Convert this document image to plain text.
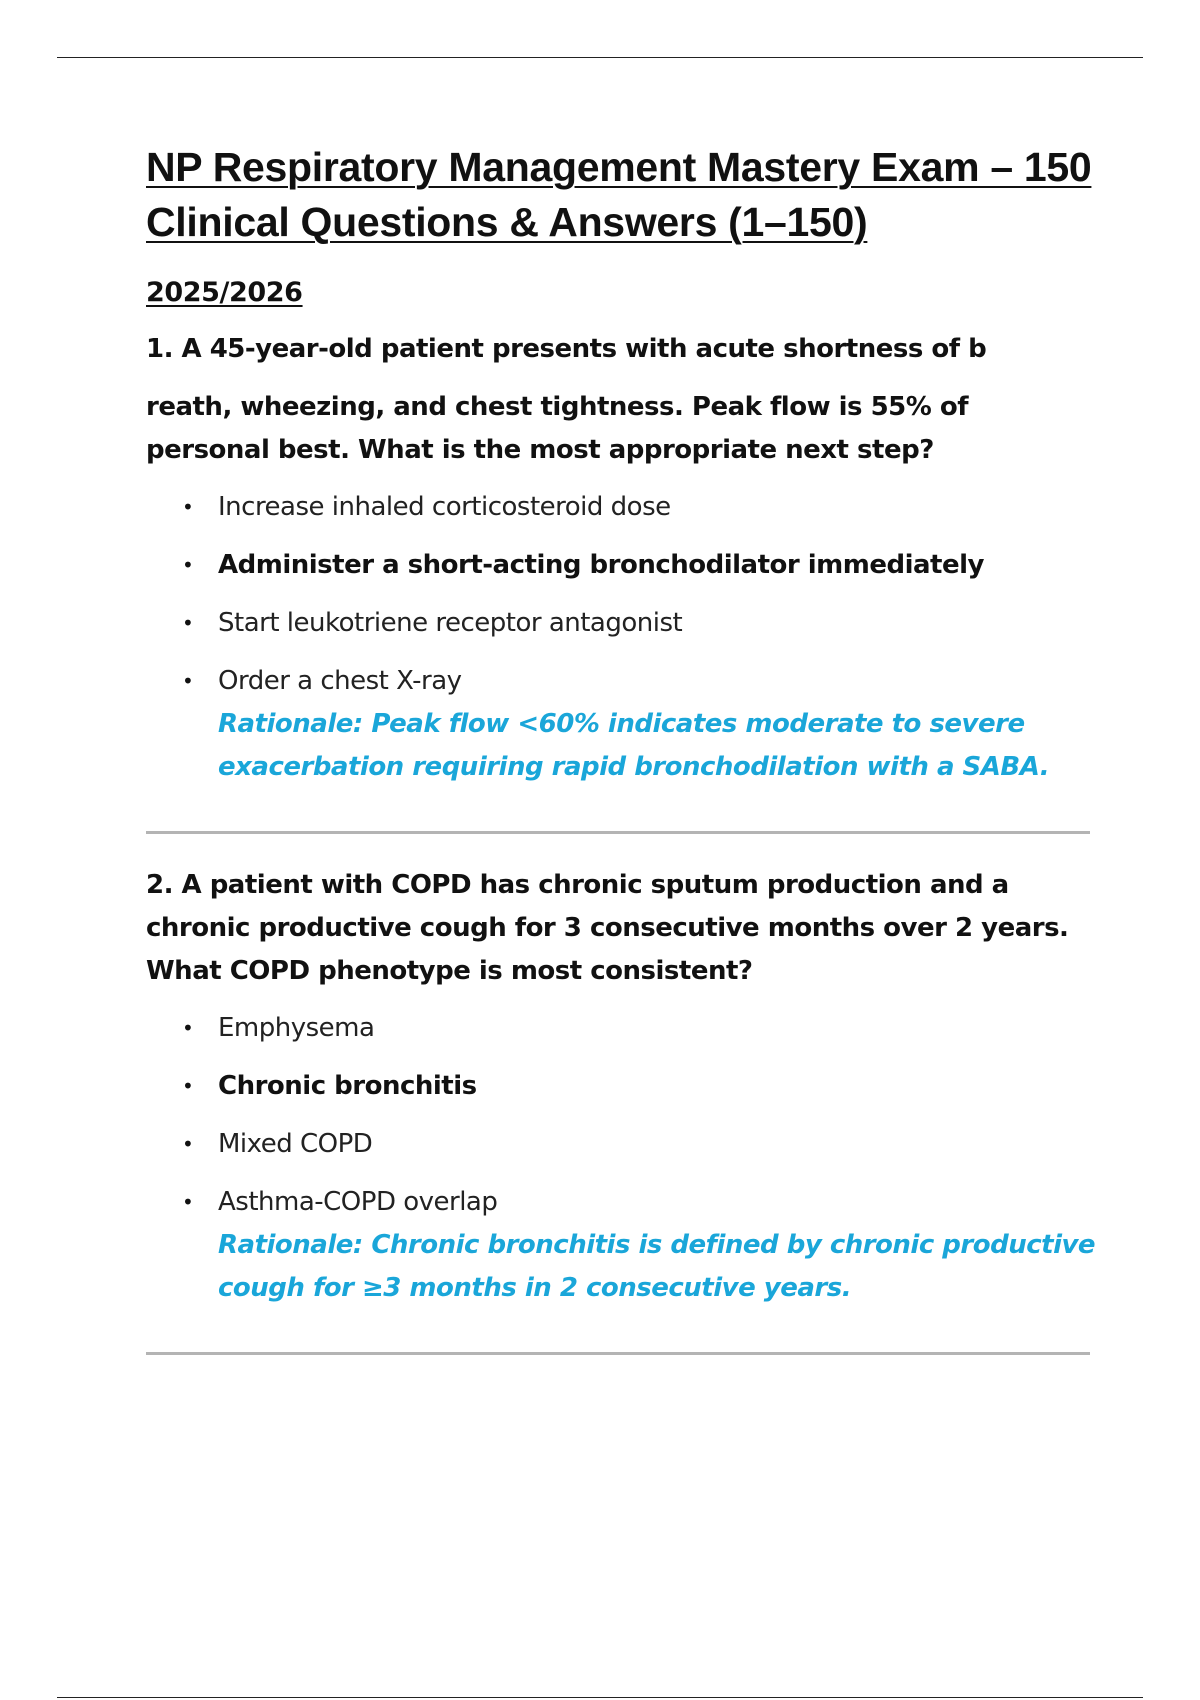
NP Respiratory Management Mastery Exam – 150 Clinical Questions & Answers (1–150)
2025/2026
1. A 45-year-old patient presents with acute shortness of b
reath, wheezing, and chest tightness. Peak flow is 55% of personal best. What is the most appropriate next step?
• Increase inhaled corticosteroid dose
• Administer a short-acting bronchodilator immediately
• Start leukotriene receptor antagonist
• Order a chest X-ray
Rationale: Peak flow <60% indicates moderate to severe exacerbation requiring rapid bronchodilation with a SABA.
2. A patient with COPD has chronic sputum production and a chronic productive cough for 3 consecutive months over 2 years. What COPD phenotype is most consistent?
• Emphysema
• Chronic bronchitis
• Mixed COPD
• Asthma-COPD overlap
Rationale: Chronic bronchitis is defined by chronic productive cough for ≥3 months in 2 consecutive years.
